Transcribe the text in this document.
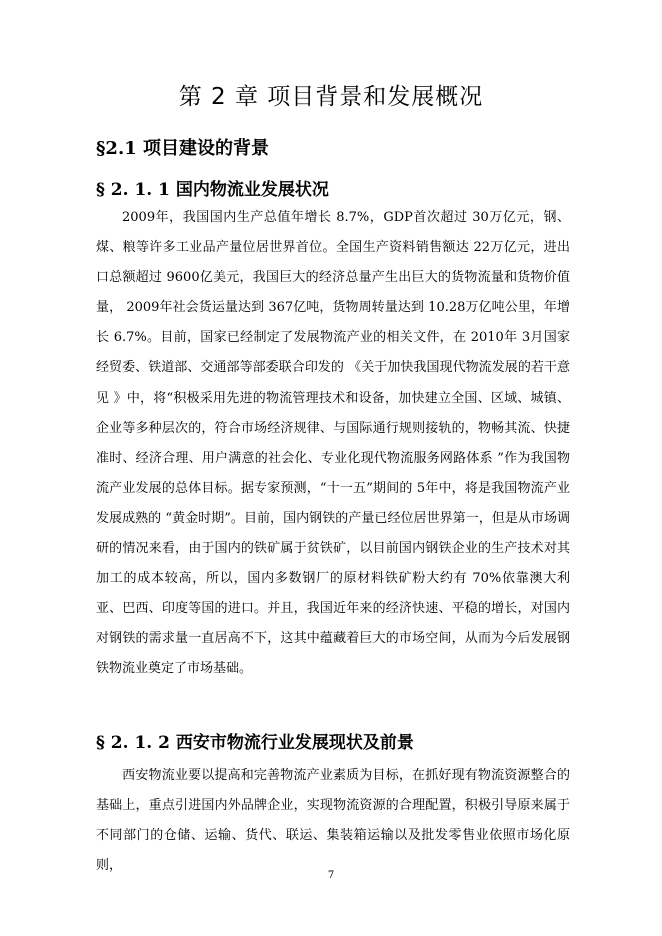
第 2 章 项目背景和发展概况
§2.1 项目建设的背景
§ 2. 1. 1 国内物流业发展状况
2009年，我国国内生产总值年增长 8.7%，GDP首次超过 30万亿元，钢、煤、粮等许多工业品产量位居世界首位。全国生产资料销售额达 22万亿元，进出口总额超过 9600亿美元，我国巨大的经济总量产生出巨大的货物流量和货物价值量， 2009年社会货运量达到 367亿吨，货物周转量达到 10.28万亿吨公里，年增长 6.7%。目前，国家已经制定了发展物流产业的相关文件，在 2010年 3月国家经贸委、铁道部、交通部等部委联合印发的 《关于加快我国现代物流发展的若干意见 》中，将“积极采用先进的物流管理技术和设备，加快建立全国、区域、城镇、企业等多种层次的，符合市场经济规律、与国际通行规则接轨的，物畅其流、快捷准时、经济合理、用户满意的社会化、专业化现代物流服务网路体系 ”作为我国物流产业发展的总体目标。据专家预测，“十一五”期间的 5年中，将是我国物流产业发展成熟的 “黄金时期”。目前，国内钢铁的产量已经位居世界第一，但是从市场调研的情况来看，由于国内的铁矿属于贫铁矿，以目前国内钢铁企业的生产技术对其加工的成本较高，所以，国内多数钢厂的原材料铁矿粉大约有 70%依靠澳大利亚、巴西、印度等国的进口。并且，我国近年来的经济快速、平稳的增长，对国内对钢铁的需求量一直居高不下，这其中蕴藏着巨大的市场空间，从而为今后发展钢铁物流业奠定了市场基础。
§ 2. 1. 2 西安市物流行业发展现状及前景
西安物流业要以提高和完善物流产业素质为目标，在抓好现有物流资源整合的基础上，重点引进国内外品牌企业，实现物流资源的合理配置，积极引导原来属于不同部门的仓储、运输、货代、联运、集装箱运输以及批发零售业依照市场化原则，
7
